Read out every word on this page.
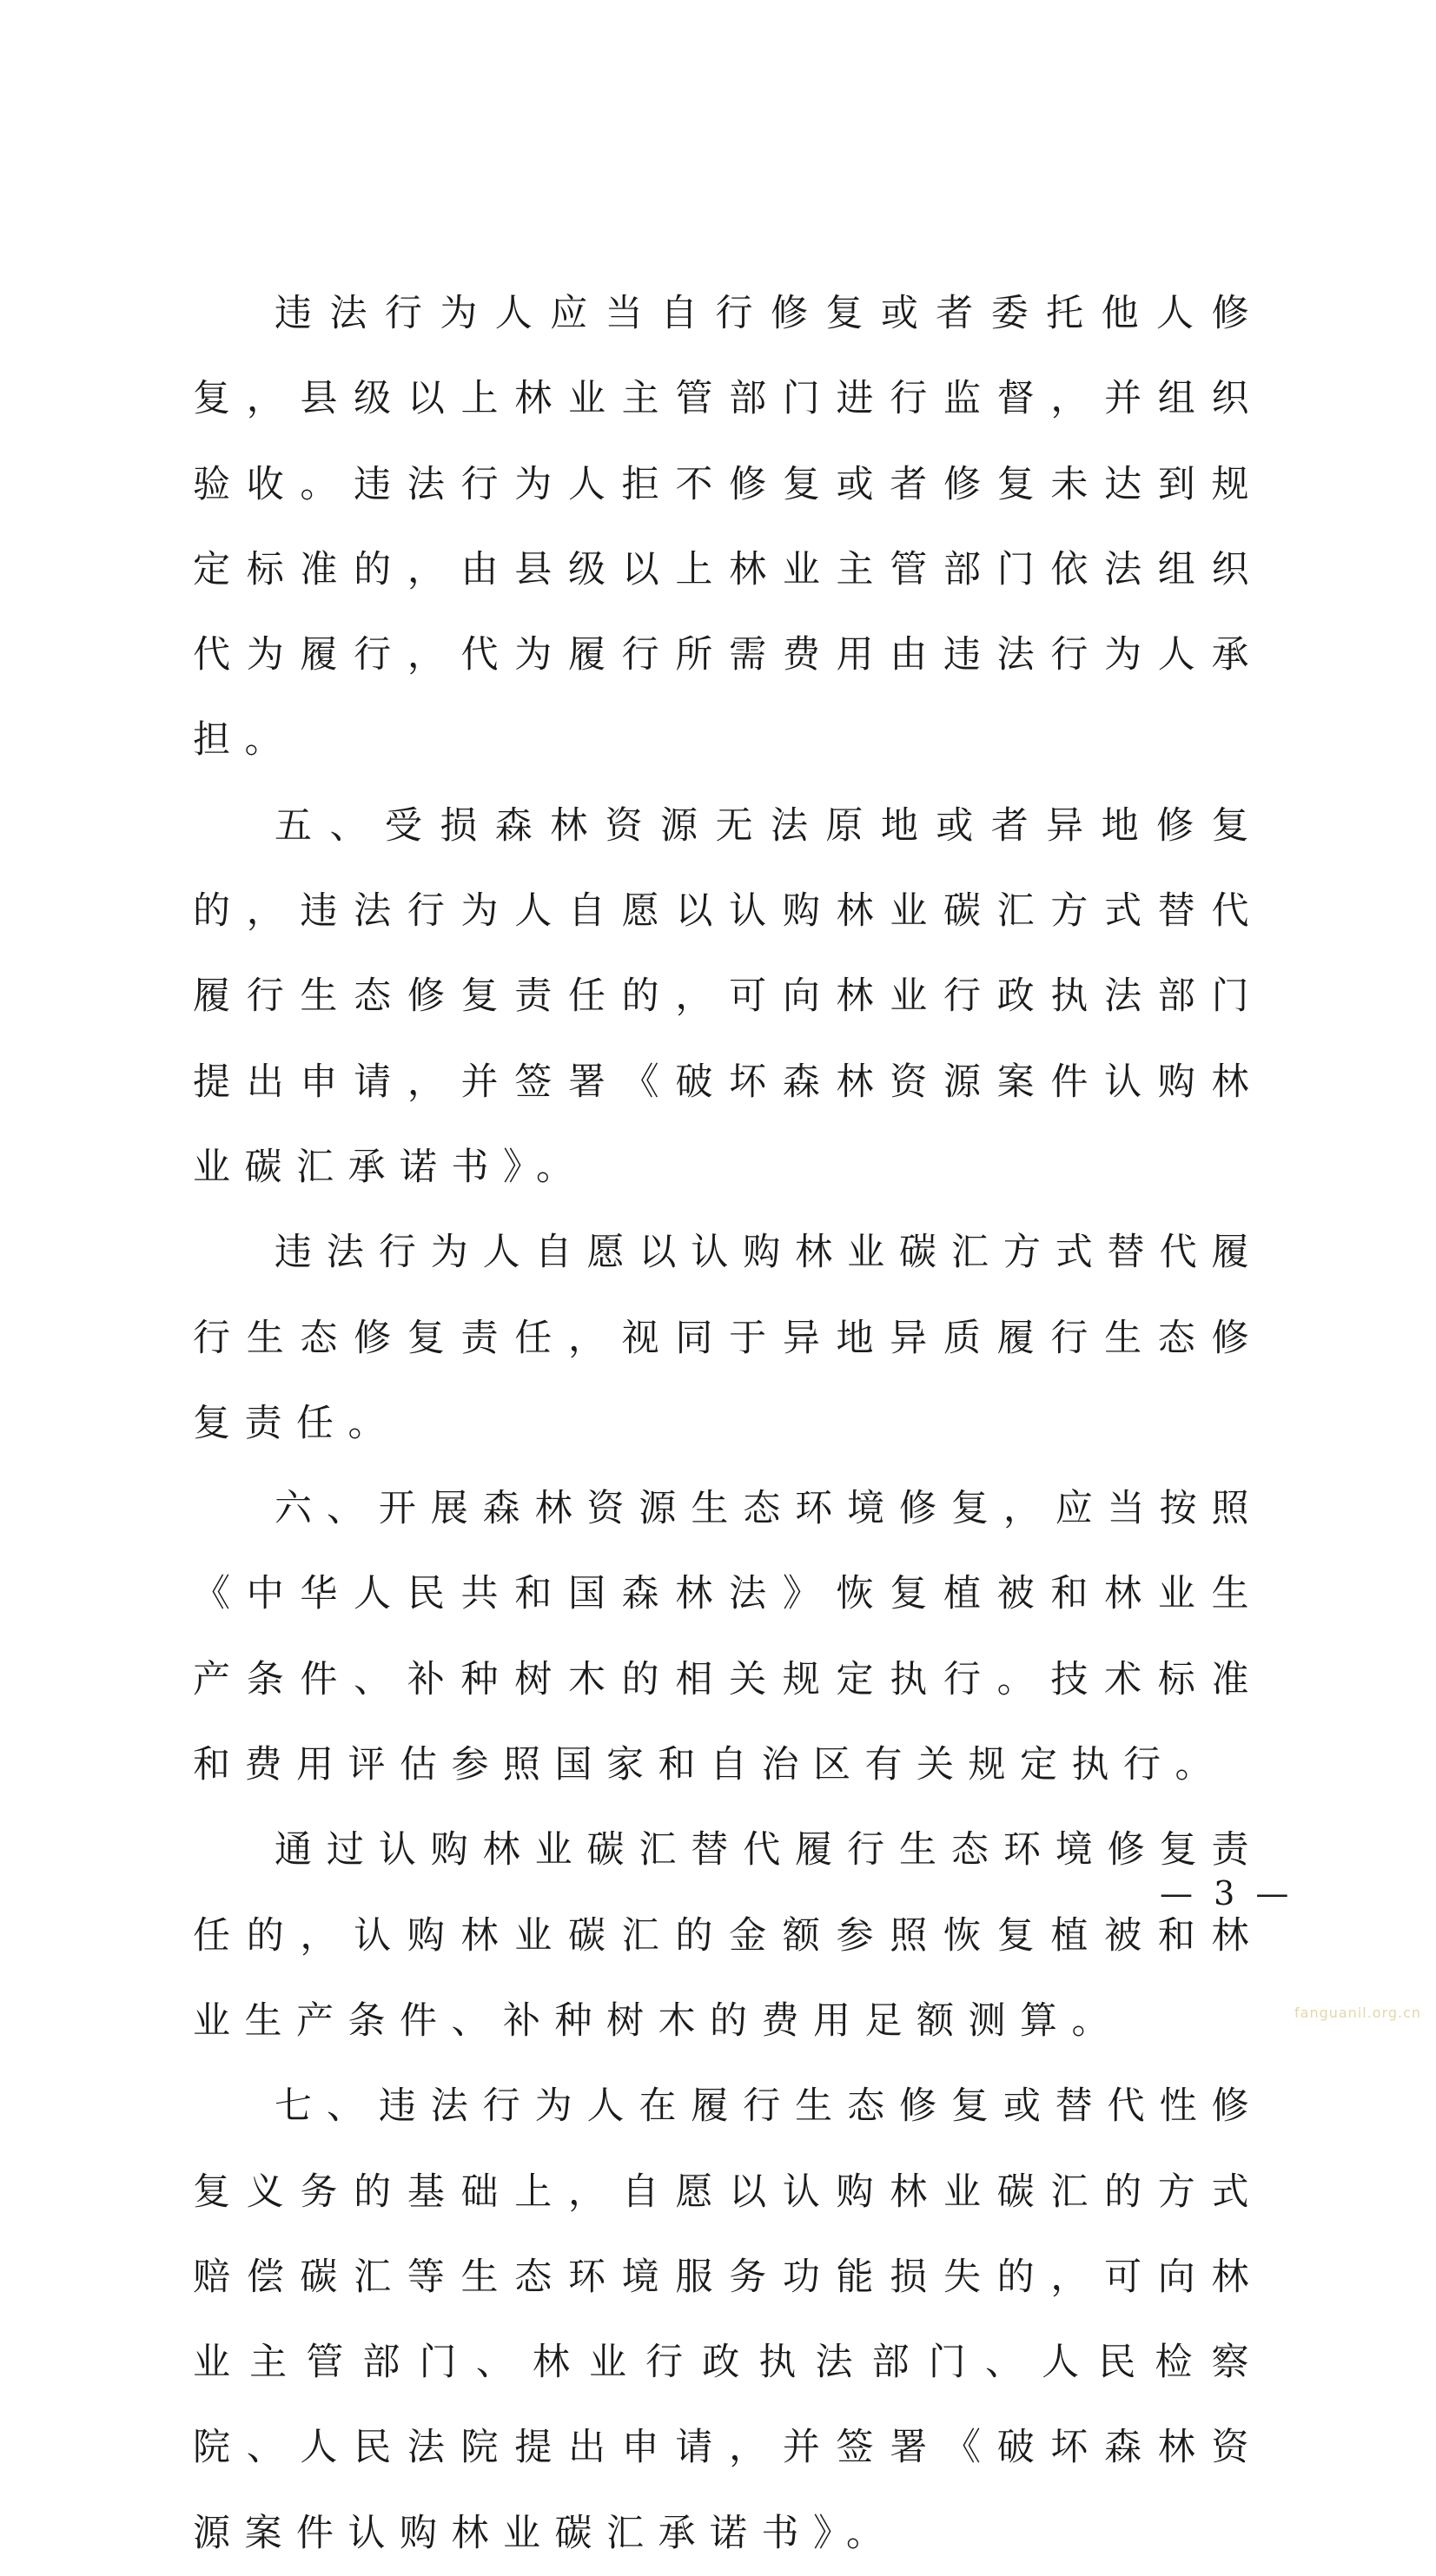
违法行为人应当自行修复或者委托他人修复，县级以上林业主管部门进行监督，并组织验收。违法行为人拒不修复或者修复未达到规定标准的，由县级以上林业主管部门依法组织代为履行，代为履行所需费用由违法行为人承担。

五、受损森林资源无法原地或者异地修复的，违法行为人自愿以认购林业碳汇方式替代履行生态修复责任的，可向林业行政执法部门提出申请，并签署《破坏森林资源案件认购林业碳汇承诺书》。

违法行为人自愿以认购林业碳汇方式替代履行生态修复责任，视同于异地异质履行生态修复责任。

六、开展森林资源生态环境修复，应当按照《中华人民共和国森林法》恢复植被和林业生产条件、补种树木的相关规定执行。技术标准和费用评估参照国家和自治区有关规定执行。

通过认购林业碳汇替代履行生态环境修复责任的，认购林业碳汇的金额参照恢复植被和林业生产条件、补种树木的费用足额测算。

七、违法行为人在履行生态修复或替代性修复义务的基础上，自愿以认购林业碳汇的方式赔偿碳汇等生态环境服务功能损失的，可向林业主管部门、林业行政执法部门、人民检察院、人民法院提出申请，并签署《破坏森林资源案件认购林业碳汇承诺书》。

— 3 —
fanguanil.org.cn
